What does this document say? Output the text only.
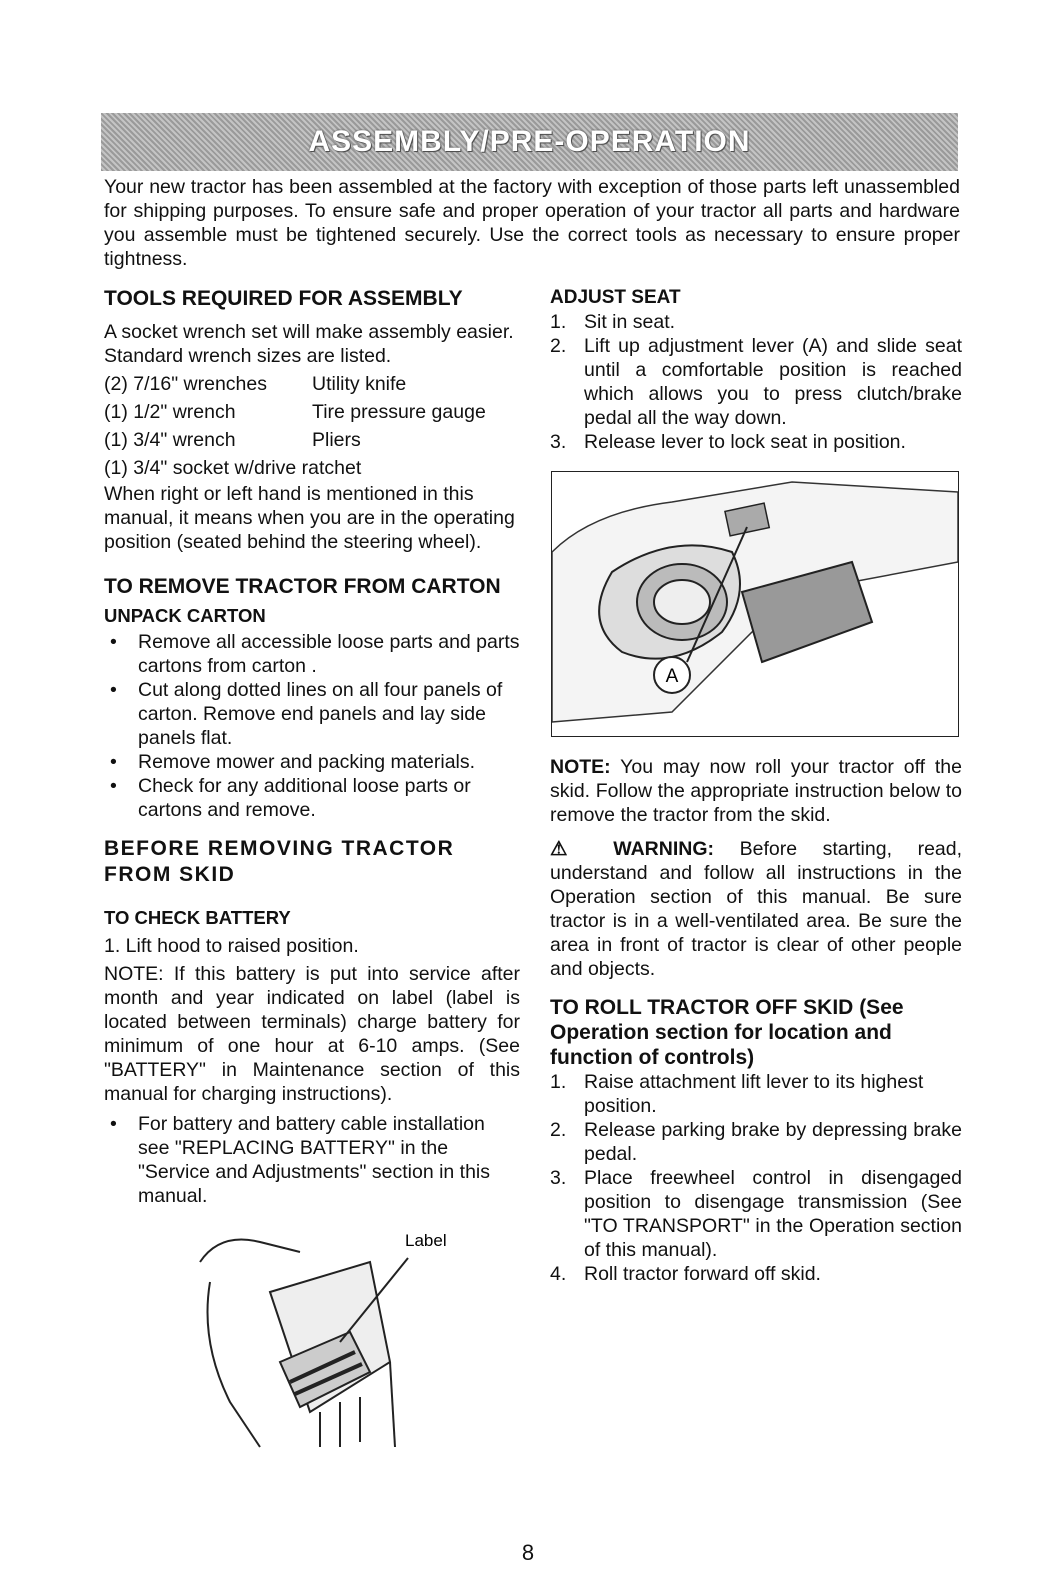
ASSEMBLY/PRE-OPERATION

Your new tractor has been assembled at the factory with exception of those parts left unassembled for shipping purposes. To ensure safe and proper operation of your tractor all parts and hardware you assemble must be tightened securely. Use the correct tools as necessary to ensure proper tightness.

TOOLS REQUIRED FOR ASSEMBLY

A socket wrench set will make assembly easier. Standard wrench sizes are listed.

(2) 7/16" wrenches	Utility knife
(1) 1/2" wrench	Tire pressure gauge
(1) 3/4" wrench	Pliers

(1) 3/4" socket w/drive ratchet

When right or left hand is mentioned in this manual, it means when you are in the operating position (seated behind the steering wheel).

TO REMOVE TRACTOR FROM CARTON
UNPACK CARTON
• Remove all accessible loose parts and parts cartons from carton .
• Cut along dotted lines on all four panels of carton. Remove end panels and lay side panels flat.
• Remove mower and packing materials.
• Check for any additional loose parts or cartons and remove.
BEFORE REMOVING TRACTOR FROM SKID
TO CHECK BATTERY

1. Lift hood to raised position.

NOTE: If this battery is put into service after month and year indicated on label (label is located between terminals) charge battery for minimum of one hour at 6-10 amps. (See "BATTERY" in Maintenance section of this manual for charging instructions).

• For battery and battery cable installation see "REPLACING BATTERY" in the "Service and Adjustments" section in this manual.
Label
ADJUST SEAT
1. Sit in seat.
2. Lift up adjustment lever (A) and slide seat until a comfortable position is reached which allows you to press clutch/brake pedal all the way down.
3. Release lever to lock seat in position.
A

NOTE: You may now roll your tractor off the skid. Follow the appropriate instruction below to remove the tractor from the skid.

⚠ WARNING: Before starting, read, understand and follow all instructions in the Operation section of this manual. Be sure tractor is in a well-ventilated area. Be sure the area in front of tractor is clear of other people and objects.

TO ROLL TRACTOR OFF SKID (See Operation section for location and function of controls)
1. Raise attachment lift lever to its highest position.
2. Release parking brake by depressing brake pedal.
3. Place freewheel control in disengaged position to disengage transmission (See "TO TRANSPORT" in the Operation section of this manual).
4. Roll tractor forward off skid.
8
